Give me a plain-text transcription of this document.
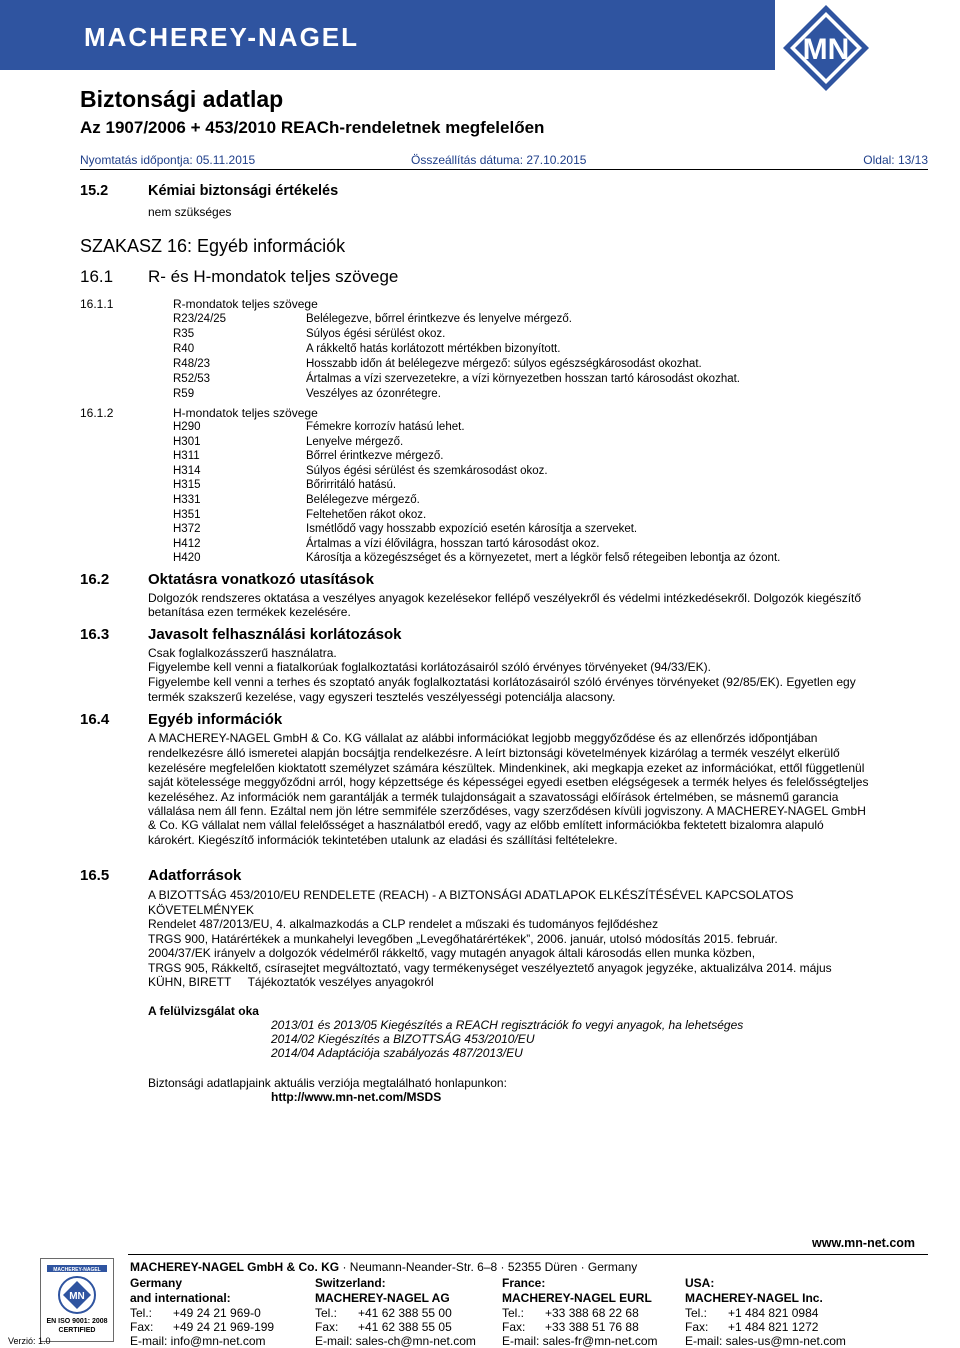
MACHEREY-NAGEL	MN
Biztonsági adatlap
Az 1907/2006 + 453/2010 REACh-rendeletnek megfelelően
Nyomtatás időpontja: 05.11.2015	Összeállítás dátuma: 27.10.2015	Oldal: 13/13
15.2	Kémiai biztonsági értékelés
nem szükséges
SZAKASZ 16: Egyéb információk
16.1 R- és H-mondatok teljes szövege
16.1.1	R-mondatok teljes szövege
R23/24/25	Belélegezve, bőrrel érintkezve és lenyelve mérgező.
R35	Súlyos égési sérülést okoz.
R40	A rákkeltő hatás korlátozott mértékben bizonyított.
R48/23	Hosszabb időn át belélegezve mérgező: súlyos egészségkárosodást okozhat.
R52/53	Ártalmas a vízi szervezetekre, a vízi környezetben hosszan tartó károsodást okozhat.
R59	Veszélyes az ózonrétegre.
16.1.2	H-mondatok teljes szövege
H290	Fémekre korrozív hatású lehet.
H301	Lenyelve mérgező.
H311	Bőrrel érintkezve mérgező.
H314	Súlyos égési sérülést és szemkárosodást okoz.
H315	Bőrirritáló hatású.
H331	Belélegezve mérgező.
H351	Feltehetően rákot okoz.
H372	Ismétlődő vagy hosszabb expozíció esetén károsítja a szerveket.
H412	Ártalmas a vízi élővilágra, hosszan tartó károsodást okoz.
H420	Károsítja a közegészséget és a környezetet, mert a légkör felső rétegeiben lebontja az ózont.
16.2	Oktatásra vonatkozó utasítások
Dolgozók rendszeres oktatása a veszélyes anyagok kezelésekor fellépő veszélyekről és védelmi intézkedésekről. Dolgozók kiegészítő
betanítása ezen termékek kezelésére.
16.3	Javasolt felhasználási korlátozások
Csak foglalkozásszerű használatra.
Figyelembe kell venni a fiatalkorúak foglalkoztatási korlátozásairól szóló érvényes törvényeket (94/33/EK).
Figyelembe kell venni a terhes és szoptató anyák foglalkoztatási korlátozásairól szóló érvényes törvényeket (92/85/EK). Egyetlen egy
termék szakszerű kezelése, vagy egyszeri tesztelés veszélyességi potenciálja alacsony.
16.4	Egyéb információk
A MACHEREY-NAGEL GmbH & Co. KG vállalat az alábbi információkat legjobb meggyőződése és az ellenőrzés időpontjában
rendelkezésre álló ismeretei alapján bocsájtja rendelkezésre. A leírt biztonsági követelmények kizárólag a termék veszélyt elkerülő
kezelésére megfelelően kioktatott személyzet számára készültek. Mindenkinek, aki megkapja ezeket az információkat, ettől függetlenül
saját kötelessége meggyőződni arról, hogy képzettsége és képességei egyedi esetben elégségesek a termék helyes és felelősségteljes
kezeléséhez. Az információk nem garantálják a termék tulajdonságait a szavatossági előírások értelmében, se másnemű garancia
vállalása nem áll fenn. Ezáltal nem jön létre semmiféle szerződéses, vagy szerződésen kívüli jogviszony. A MACHEREY-NAGEL GmbH
& Co. KG vállalat nem vállal felelősséget a használatból eredő, vagy az előbb említett információkba fektetett bizalomra alapuló
károkért. Kiegészítő információk tekintetében utalunk az eladási és szállítási feltételekre.
16.5	Adatforrások
A BIZOTTSÁG 453/2010/EU RENDELETE (REACH) - A BIZTONSÁGI ADATLAPOK ELKÉSZÍTÉSÉVEL KAPCSOLATOS
KÖVETELMÉNYEK
Rendelet 487/2013/EU, 4. alkalmazkodás a CLP rendelet a műszaki és tudományos fejlődéshez
TRGS 900, Határértékek a munkahelyi levegőben „Levegőhatárértékek”, 2006. január, utolsó módosítás 2015. február.
2004/37/EK irányelv a dolgozók védelméről rákkeltő, vagy mutagén anyagok általi károsodás ellen munka közben,
TRGS 905, Rákkeltő, csírasejtet megváltoztató, vagy termékenységet veszélyeztető anyagok jegyzéke, aktualizálva 2014. május
KÜHN, BIRETT     Tájékoztatók veszélyes anyagokról
A felülvizsgálat oka
2013/01 és 2013/05 Kiegészítés a REACH regisztrációk fo vegyi anyagok, ha lehetséges
2014/02 Kiegészítés a BIZOTTSÁG 453/2010/EU
2014/04 Adaptációja szabályozás 487/2013/EU
Biztonsági adatlapjaink aktuális verziója megtalálható honlapunkon:
http://www.mn-net.com/MSDS
www.mn-net.com
MACHEREY-NAGEL GmbH & Co. KG · Neumann-Neander-Str. 6–8 · 52355 Düren · Germany
MACHEREY-NAGEL
MN
EN ISO 9001: 2008 CERTIFIED
Verzió: 1.0
Germany
and international:
Tel.: +49 24 21 969-0
Fax: +49 24 21 969-199
E-mail: info@mn-net.com
Switzerland:
MACHEREY-NAGEL AG
Tel.: +41 62 388 55 00
Fax: +41 62 388 55 05
E-mail: sales-ch@mn-net.com
France:
MACHEREY-NAGEL EURL
Tel.: +33 388 68 22 68
Fax: +33 388 51 76 88
E-mail: sales-fr@mn-net.com
USA:
MACHEREY-NAGEL Inc.
Tel.: +1 484 821 0984
Fax: +1 484 821 1272
E-mail: sales-us@mn-net.com
